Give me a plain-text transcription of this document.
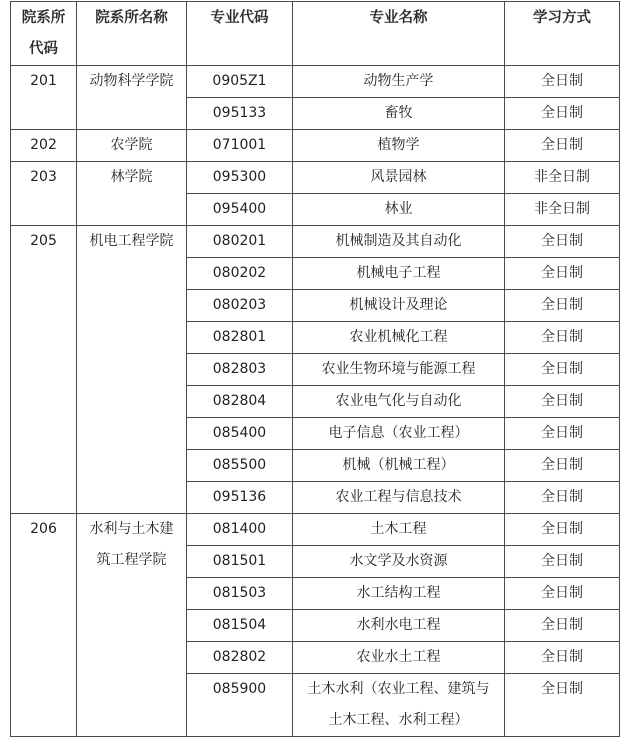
院系所
代码	院系所名称	专业代码	专业名称	学习方式
201	动物科学学院	0905Z1	动物生产学	全日制
		095133	畜牧	全日制
202	农学院	071001	植物学	全日制
203	林学院	095300	风景园林	非全日制
		095400	林业	非全日制
205	机电工程学院	080201	机械制造及其自动化	全日制
		080202	机械电子工程	全日制
		080203	机械设计及理论	全日制
		082801	农业机械化工程	全日制
		082803	农业生物环境与能源工程	全日制
		082804	农业电气化与自动化	全日制
		085400	电子信息（农业工程）	全日制
		085500	机械（机械工程）	全日制
		095136	农业工程与信息技术	全日制
206	水利与土木建
筑工程学院	081400	土木工程	全日制
		081501	水文学及水资源	全日制
		081503	水工结构工程	全日制
		081504	水利水电工程	全日制
		082802	农业水土工程	全日制
		085900	土木水利（农业工程、建筑与
土木工程、水利工程）	全日制
